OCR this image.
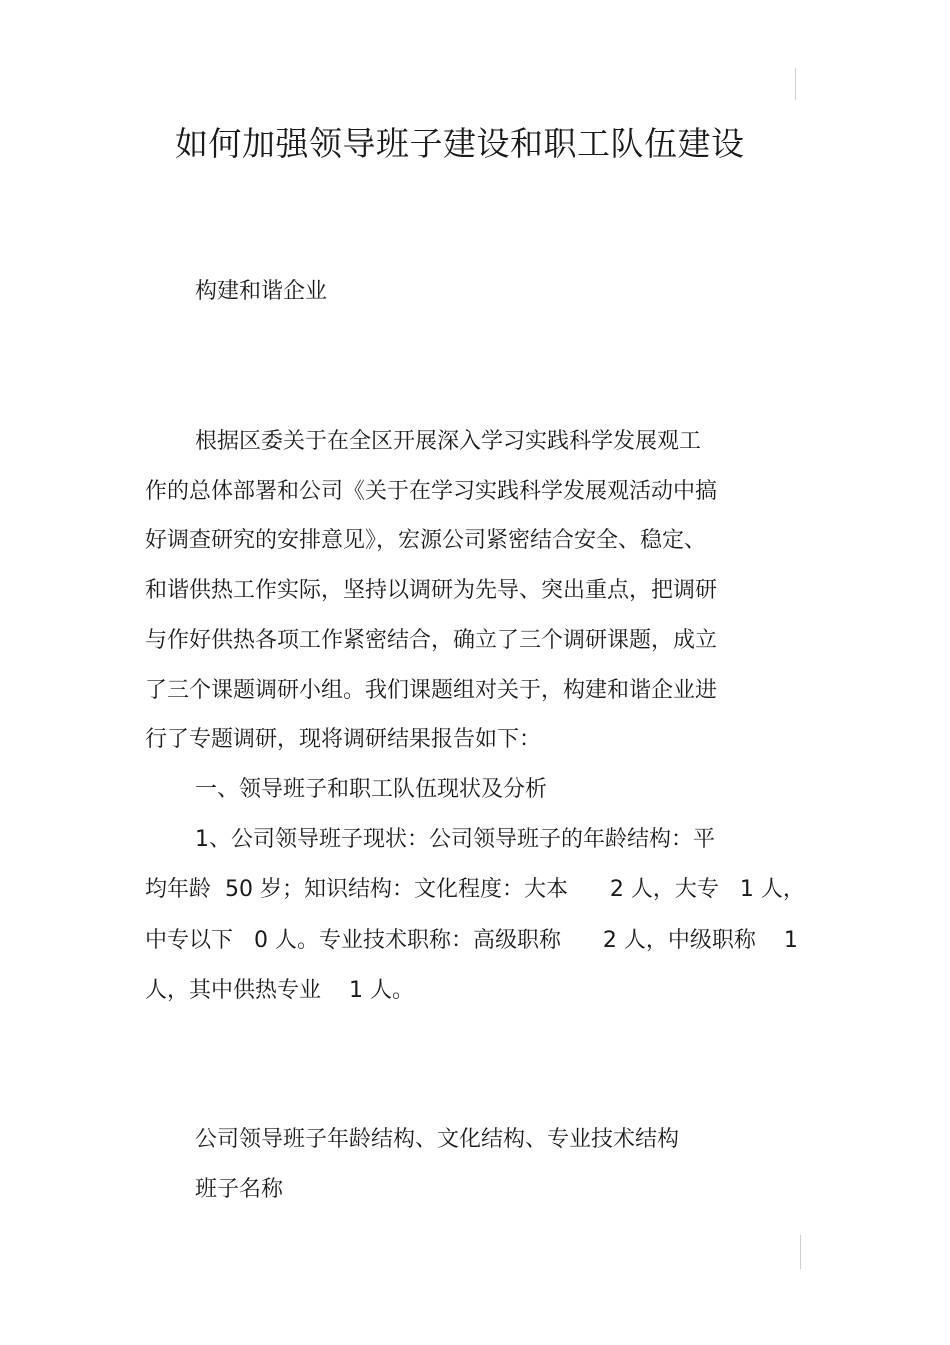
如何加强领导班子建设和职工队伍建设
构建和谐企业
根据区委关于在全区开展深入学习实践科学发展观工
作的总体部署和公司《关于在学习实践科学发展观活动中搞
好调查研究的安排意见》，宏源公司紧密结合安全、稳定、
和谐供热工作实际，坚持以调研为先导、突出重点，把调研
与作好供热各项工作紧密结合，确立了三个调研课题，成立
了三个课题调研小组。我们课题组对关于，构建和谐企业进
行了专题调研，现将调研结果报告如下：
一、领导班子和职工队伍现状及分析
1、公司领导班子现状：公司领导班子的年龄结构：平
均年龄  50 岁；知识结构：文化程度：大本      2 人，大专   1 人，
中专以下   0 人。专业技术职称：高级职称      2 人，中级职称    1
人，其中供热专业    1 人。
公司领导班子年龄结构、文化结构、专业技术结构
班子名称
